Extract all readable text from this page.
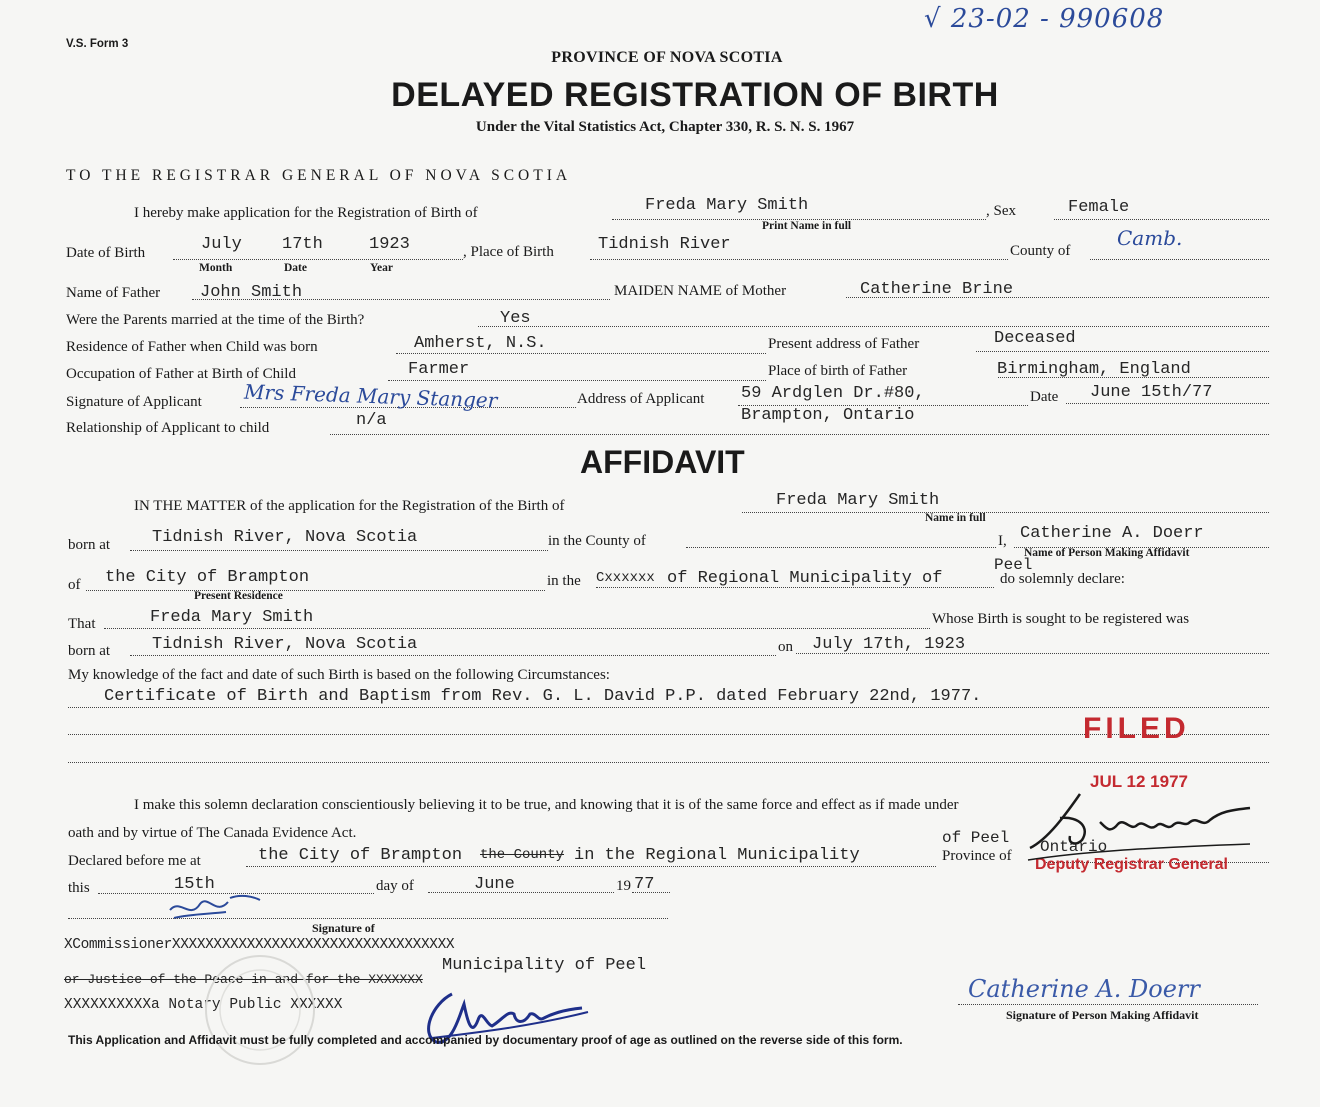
V.S. Form 3
√ 23-02 - 990608
PROVINCE OF NOVA SCOTIA
DELAYED REGISTRATION OF BIRTH
Under the Vital Statistics Act, Chapter 330, R. S. N. S. 1967
TO THE REGISTRAR GENERAL OF NOVA SCOTIA
I hereby make application for the Registration of Birth of	Freda Mary Smith
Print Name in full
, Sex	Female
Date of Birth	July 17th	1923
Month	Date	Year
, Place of Birth	Tidnish River	County of
Camb.
Name of Father John Smith	MAIDEN NAME of Mother	Catherine Brine
Were the Parents married at the time of the Birth?	Yes
Residence of Father when Child was born	Amherst, N.S.	Present address of Father	Deceased
Occupation of Father at Birth of Child	Farmer	Place of birth of Father	Birmingham, England
Signature of Applicant Mrs Freda Mary Stanger	Address of Applicant 59 Ardglen Dr.#80,
Brampton, Ontario
Date June 15th/77
Relationship of Applicant to child	n/a
AFFIDAVIT
IN THE MATTER of the application for the Registration of the Birth of	Freda Mary Smith
Name in full
born at Tidnish River, Nova Scotia	in the County of	I, Catherine A. Doerr
Name of Person Making Affidavit
of the City of Brampton
Present Residence
in the Cxxxxxx of Regional Municipality of
Peel
do solemnly declare:
That	Freda Mary Smith	Whose Birth is sought to be registered was
born at Tidnish River, Nova Scotia	on July 17th, 1923
My knowledge of the fact and date of such Birth is based on the following Circumstances:
Certificate of Birth and Baptism from Rev. G. L. David P.P. dated February 22nd, 1977.
I make this solemn declaration conscientiously believing it to be true, and knowing that it is of the same force and effect as if made under
oath and by virtue of The Canada Evidence Act.
Declared before me at	the City of Brampton the County in the Regional Municipality
of Peel
Province of Ontario
this	15th	day of	June	19 77
Signature of
XCommissionerXXXXXXXXXXXXXXXXXXXXXXXXXXXXXXXXXX
Municipality of Peel
or Justice of the Peace in and for the XXXXXXX
XXXXXXXXXXa Notary Public XXXXXX
Catherine A. Doerr
Signature of Person Making Affidavit
This Application and Affidavit must be fully completed and accompanied by documentary proof of age as outlined on the reverse side of this form.
FILED
JUL 12 1977
Deputy Registrar General
